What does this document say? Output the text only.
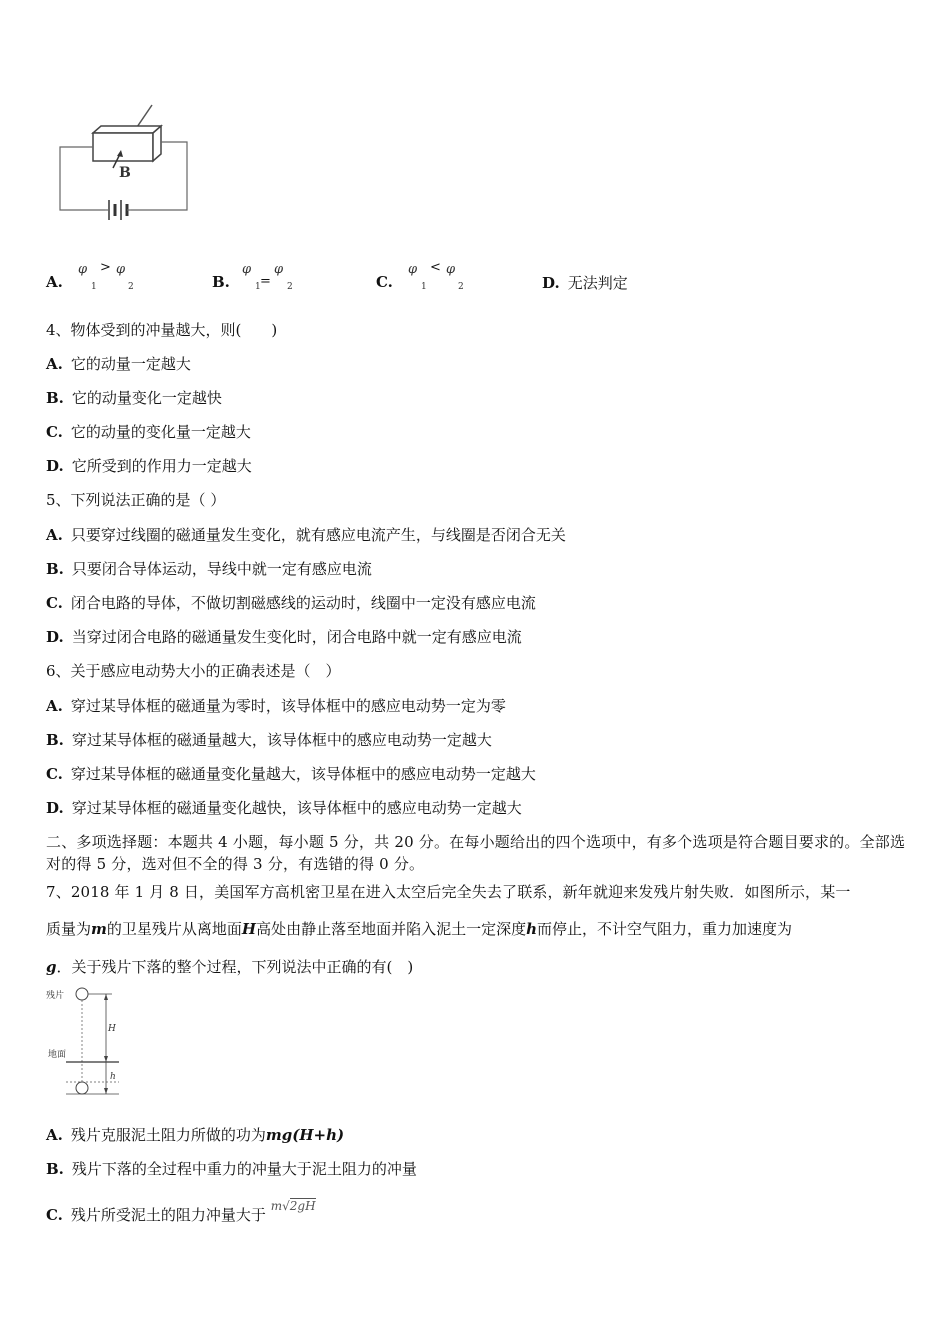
B
A.
φ > φ
1	2	B.
φ
=
φ
1	2	C.
φ < φ
1	2	D. 无法判定
4、物体受到的冲量越大，则(　　)
A. 它的动量一定越大
B. 它的动量变化一定越快
C. 它的动量的变化量一定越大
D. 它所受到的作用力一定越大
5、下列说法正确的是（ ）
A. 只要穿过线圈的磁通量发生变化，就有感应电流产生，与线圈是否闭合无关
B. 只要闭合导体运动，导线中就一定有感应电流
C. 闭合电路的导体，不做切割磁感线的运动时，线圈中一定没有感应电流
D. 当穿过闭合电路的磁通量发生变化时，闭合电路中就一定有感应电流
6、关于感应电动势大小的正确表述是（　）
A. 穿过某导体框的磁通量为零时，该导体框中的感应电动势一定为零
B. 穿过某导体框的磁通量越大，该导体框中的感应电动势一定越大
C. 穿过某导体框的磁通量变化量越大，该导体框中的感应电动势一定越大
D. 穿过某导体框的磁通量变化越快，该导体框中的感应电动势一定越大
二、多项选择题：本题共 4 小题，每小题 5 分，共 20 分。在每小题给出的四个选项中，有多个选项是符合题目要求的。全部选对的得 5 分，选对但不全的得 3 分，有选错的得 0 分。
7、2018 年 1 月 8 日，美国军方高机密卫星在进入太空后完全失去了联系，新年就迎来发残片射失败．如图所示，某一
质量为m的卫星残片从离地面H高处由静止落至地面并陷入泥土一定深度h而停止，不计空气阻力，重力加速度为
g．关于残片下落的整个过程，下列说法中正确的有(　)
残片
地面
H
h
A. 残片克服泥土阻力所做的功为mg(H+h)
B. 残片下落的全过程中重力的冲量大于泥土阻力的冲量
C. 残片所受泥土的阻力冲量大于 $^{m√2gH}$
